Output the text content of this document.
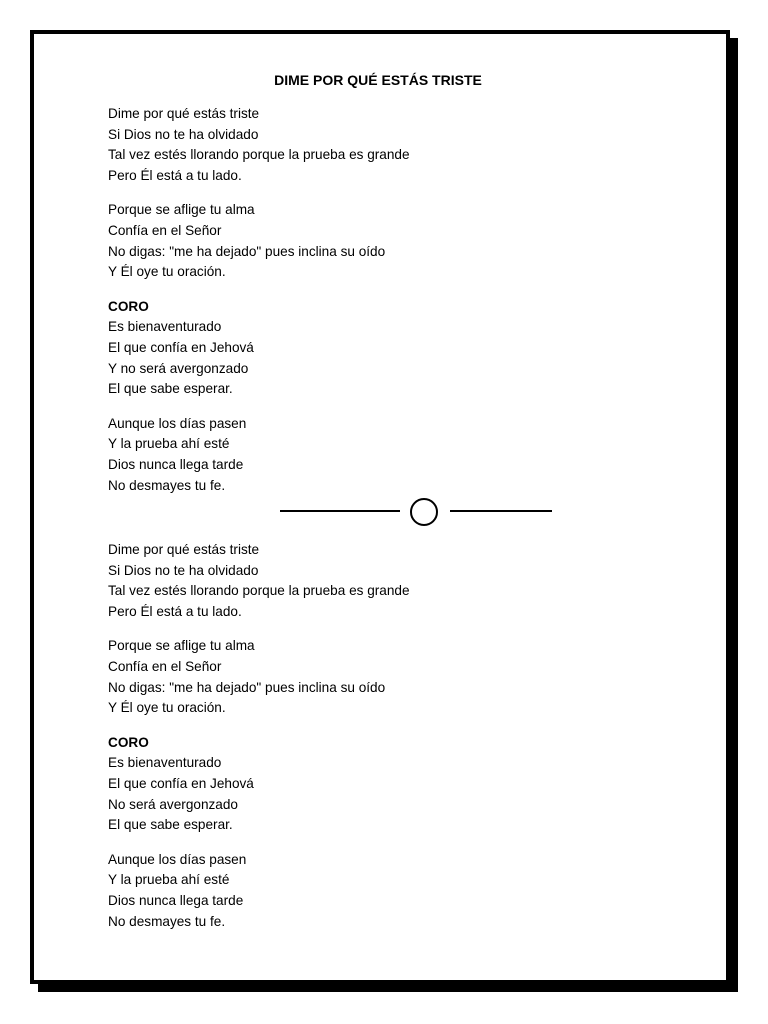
DIME POR QUÉ ESTÁS TRISTE
Dime por qué estás triste
Si Dios no te ha olvidado
Tal vez estés llorando porque la prueba es grande
Pero Él está a tu lado.
Porque se aflige tu alma
Confía en el Señor
No digas: "me ha dejado" pues inclina su oído
Y Él oye tu oración.
CORO
Es bienaventurado
El que confía en Jehová
Y no será avergonzado
El que sabe esperar.
Aunque los días pasen
Y la prueba ahí esté
Dios nunca llega tarde
No desmayes tu fe.
Dime por qué estás triste
Si Dios no te ha olvidado
Tal vez estés llorando porque la prueba es grande
Pero Él está a tu lado.
Porque se aflige tu alma
Confía en el Señor
No digas: "me ha dejado" pues inclina su oído
Y Él oye tu oración.
CORO
Es bienaventurado
El que confía en Jehová
No será avergonzado
El que sabe esperar.
Aunque los días pasen
Y la prueba ahí esté
Dios nunca llega tarde
No desmayes tu fe.
